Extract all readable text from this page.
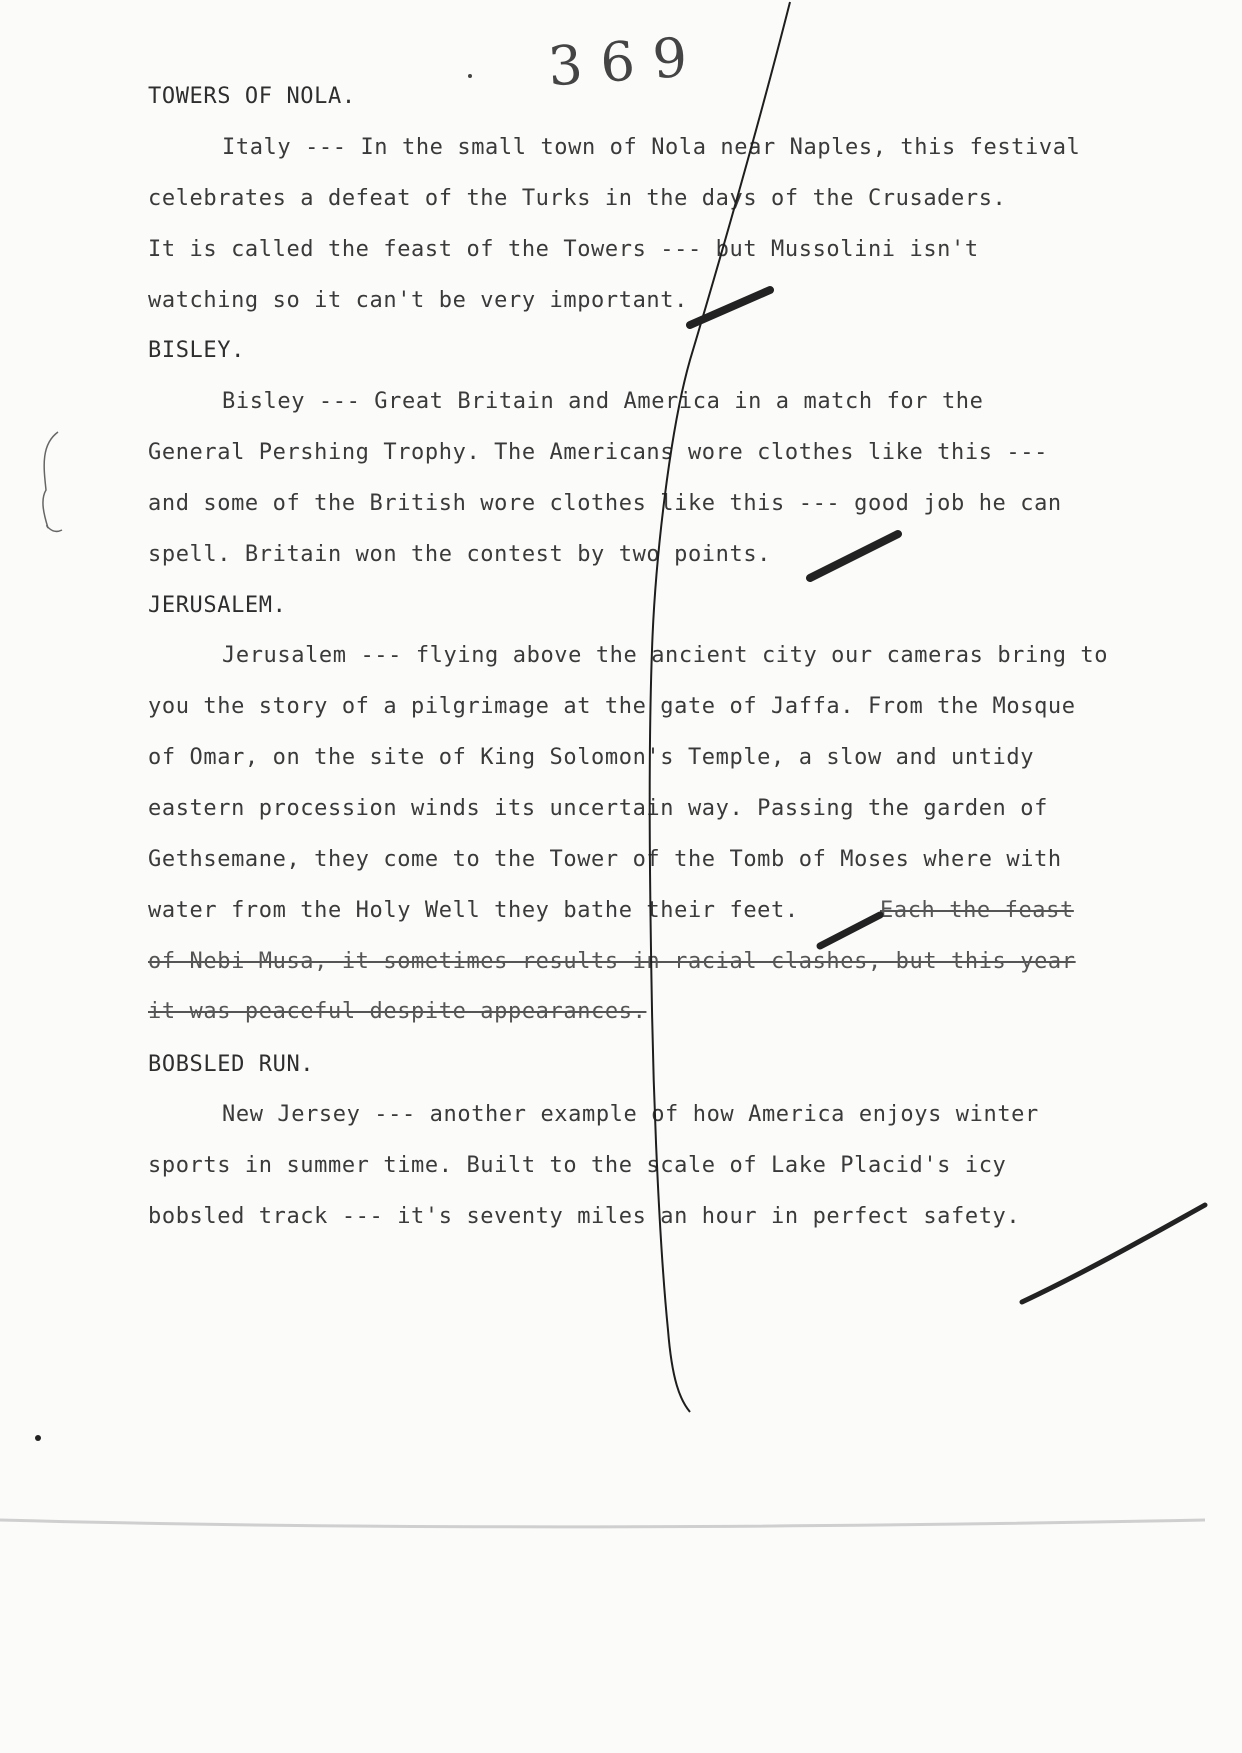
369
TOWERS OF NOLA.
Italy --- In the small town of Nola near Naples, this festival
celebrates a defeat of the Turks in the days of the Crusaders.
It is called the feast of the Towers --- but Mussolini isn't
watching so it can't be very important.
BISLEY.
Bisley --- Great Britain and America in a match for the
General Pershing Trophy. The Americans wore clothes like this ---
and some of the British wore clothes like this --- good job he can
spell. Britain won the contest by two points.
JERUSALEM.
Jerusalem --- flying above the ancient city our cameras bring to
you the story of a pilgrimage at the gate of Jaffa. From the Mosque
of Omar, on the site of King Solomon's Temple, a slow and untidy
eastern procession winds its uncertain way. Passing the garden of
Gethsemane, they come to the Tower of the Tomb of Moses where with
water from the Holy Well they bathe their feet.	Each the feast
of Nebi Musa, it sometimes results in racial clashes, but this year
it was peaceful despite appearances.
BOBSLED RUN.
New Jersey --- another example of how America enjoys winter
sports in summer time. Built to the scale of Lake Placid's icy
bobsled track --- it's seventy miles an hour in perfect safety.
